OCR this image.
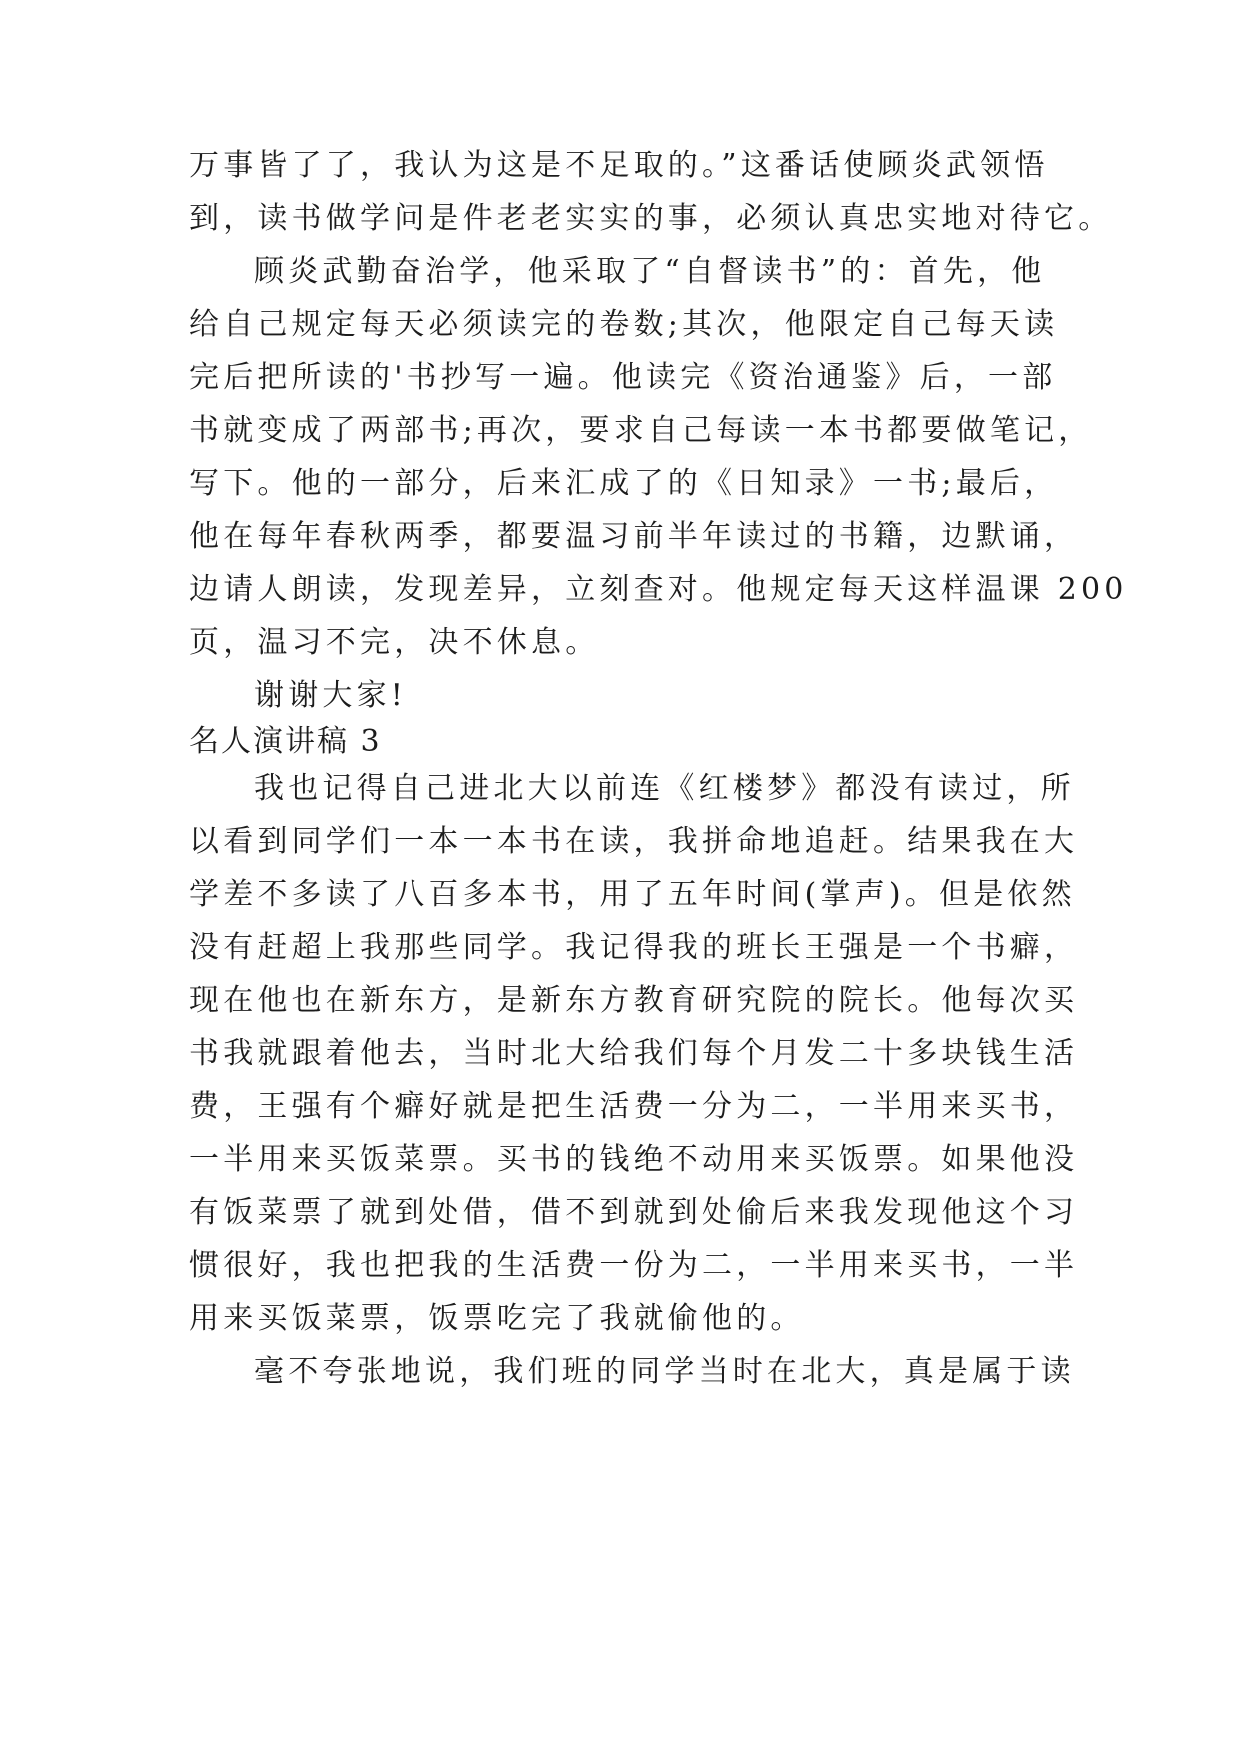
万事皆了了，我认为这是不足取的。”这番话使顾炎武领悟

到，读书做学问是件老老实实的事，必须认真忠实地对待它。

顾炎武勤奋治学，他采取了“自督读书”的：首先，他

给自己规定每天必须读完的卷数;其次，他限定自己每天读

完后把所读的'书抄写一遍。他读完《资治通鉴》后，一部

书就变成了两部书;再次，要求自己每读一本书都要做笔记，

写下。他的一部分，后来汇成了的《日知录》一书;最后，

他在每年春秋两季，都要温习前半年读过的书籍，边默诵，

边请人朗读，发现差异，立刻查对。他规定每天这样温课 200

页，温习不完，决不休息。

谢谢大家!

名人演讲稿 3

我也记得自己进北大以前连《红楼梦》都没有读过，所

以看到同学们一本一本书在读，我拼命地追赶。结果我在大

学差不多读了八百多本书，用了五年时间(掌声)。但是依然

没有赶超上我那些同学。我记得我的班长王强是一个书癖，

现在他也在新东方，是新东方教育研究院的院长。他每次买

书我就跟着他去，当时北大给我们每个月发二十多块钱生活

费，王强有个癖好就是把生活费一分为二，一半用来买书，

一半用来买饭菜票。买书的钱绝不动用来买饭票。如果他没

有饭菜票了就到处借，借不到就到处偷后来我发现他这个习

惯很好，我也把我的生活费一份为二，一半用来买书，一半

用来买饭菜票，饭票吃完了我就偷他的。

毫不夸张地说，我们班的同学当时在北大，真是属于读
